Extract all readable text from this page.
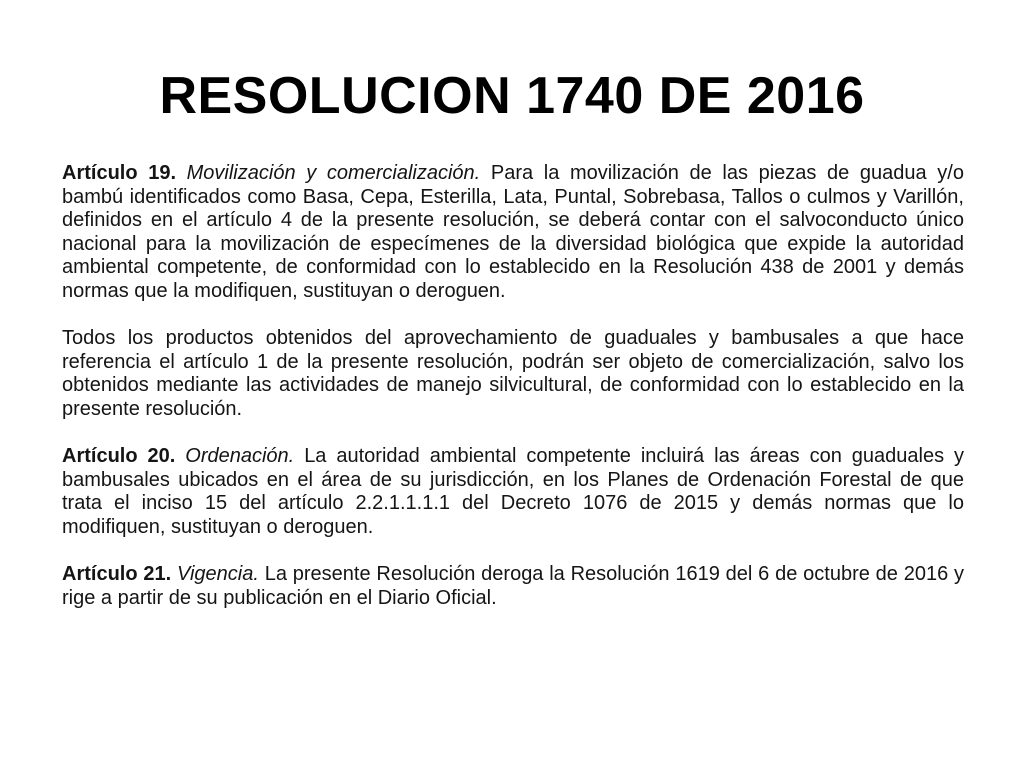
RESOLUCION 1740 DE 2016

Artículo 19. Movilización y comercialización. Para la movilización de las piezas de guadua y/o bambú identificados como Basa, Cepa, Esterilla, Lata, Puntal, Sobrebasa, Tallos o culmos y Varillón, definidos en el artículo 4 de la presente resolución, se deberá contar con el salvoconducto único nacional para la movilización de especímenes de la diversidad biológica que expide la autoridad ambiental competente, de conformidad con lo establecido en la Resolución 438 de 2001 y demás normas que la modifiquen, sustituyan o deroguen.

Todos los productos obtenidos del aprovechamiento de guaduales y bambusales a que hace referencia el artículo 1 de la presente resolución, podrán ser objeto de comercialización, salvo los obtenidos mediante las actividades de manejo silvicultural, de conformidad con lo establecido en la presente resolución.

Artículo 20. Ordenación. La autoridad ambiental competente incluirá las áreas con guaduales y bambusales ubicados en el área de su jurisdicción, en los Planes de Ordenación Forestal de que trata el inciso 15 del artículo 2.2.1.1.1.1 del Decreto 1076 de 2015 y demás normas que lo modifiquen, sustituyan o deroguen.

Artículo 21. Vigencia. La presente Resolución deroga la Resolución 1619 del 6 de octubre de 2016 y rige a partir de su publicación en el Diario Oficial.
